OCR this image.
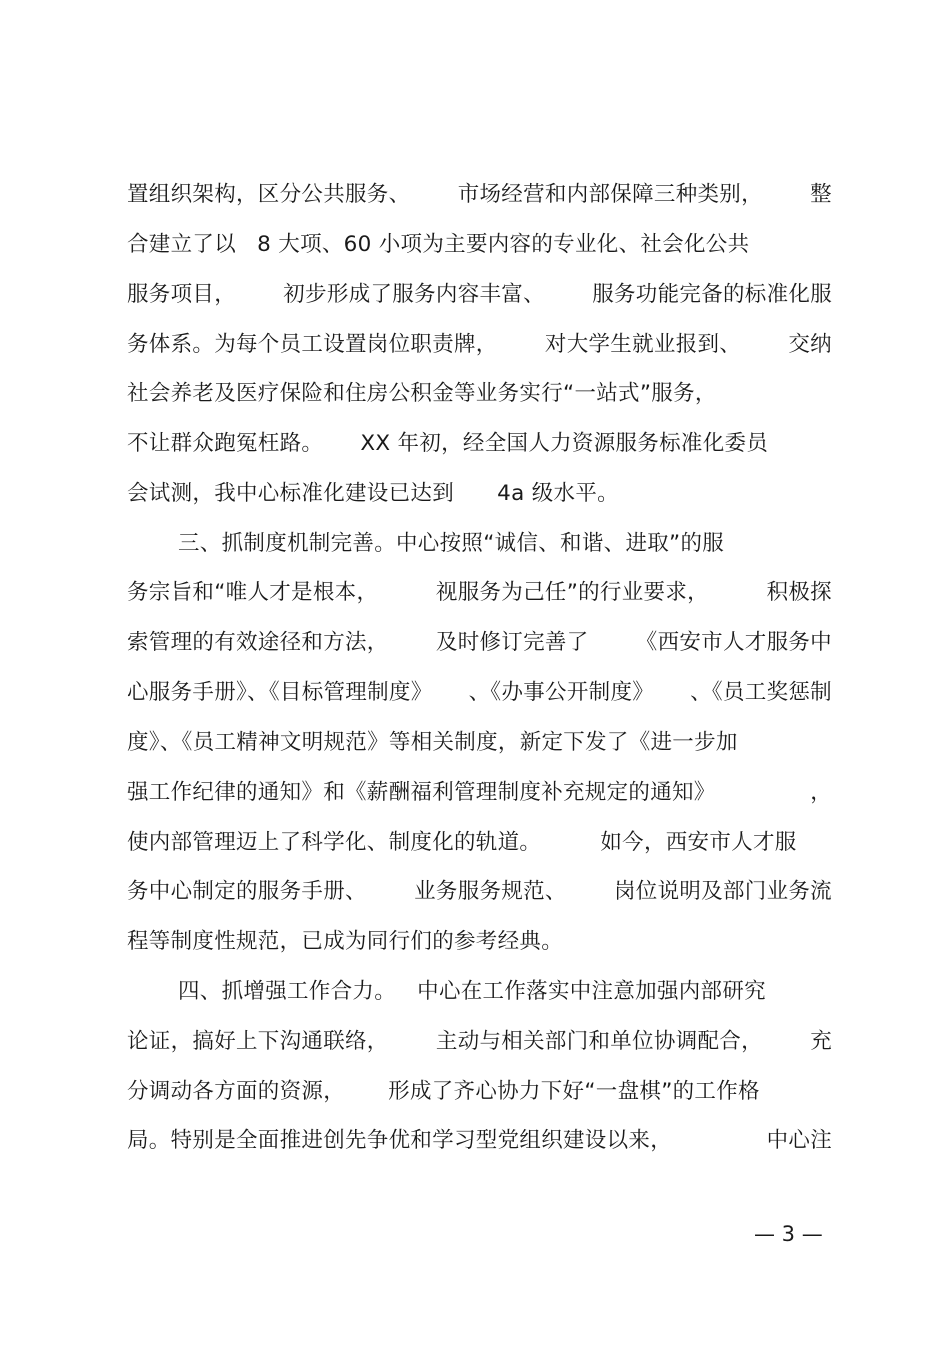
置组织架构，区分公共服务、 市场经营和内部保障三种类别， 整
合建立了以 8 大项、60 小项为主要内容的专业化、社会化公共
服务项目， 初步形成了服务内容丰富、 服务功能完备的标准化服
务体系。为每个员工设置岗位职责牌， 对大学生就业报到、 交纳
社会养老及医疗保险和住房公积金等业务实行“一站式”服务，
不让群众跑冤枉路。 XX 年初，经全国人力资源服务标准化委员
会试测，我中心标准化建设已达到 4a 级水平。
三、抓制度机制完善。中心按照“诚信、和谐、进取”的服
务宗旨和“唯人才是根本，	视服务为己任”的行业要求，	积极探
索管理的有效途径和方法， 及时修订完善了 《西安市人才服务中
心服务手册》、《目标管理制度》 、《办事公开制度》 、《员工奖惩制
度》、《员工精神文明规范》等相关制度，新定下发了《进一步加
强工作纪律的通知》和《薪酬福利管理制度补充规定的通知》	，
使内部管理迈上了科学化、制度化的轨道。	如今，西安市人才服
务中心制定的服务手册、 业务服务规范、 岗位说明及部门业务流
程等制度性规范，已成为同行们的参考经典。
四、抓增强工作合力。 中心在工作落实中注意加强内部研究
论证，搞好上下沟通联络， 主动与相关部门和单位协调配合， 充
分调动各方面的资源， 形成了齐心协力下好“一盘棋”的工作格
局。特别是全面推进创先争优和学习型党组织建设以来，	中心注
— 3 —
